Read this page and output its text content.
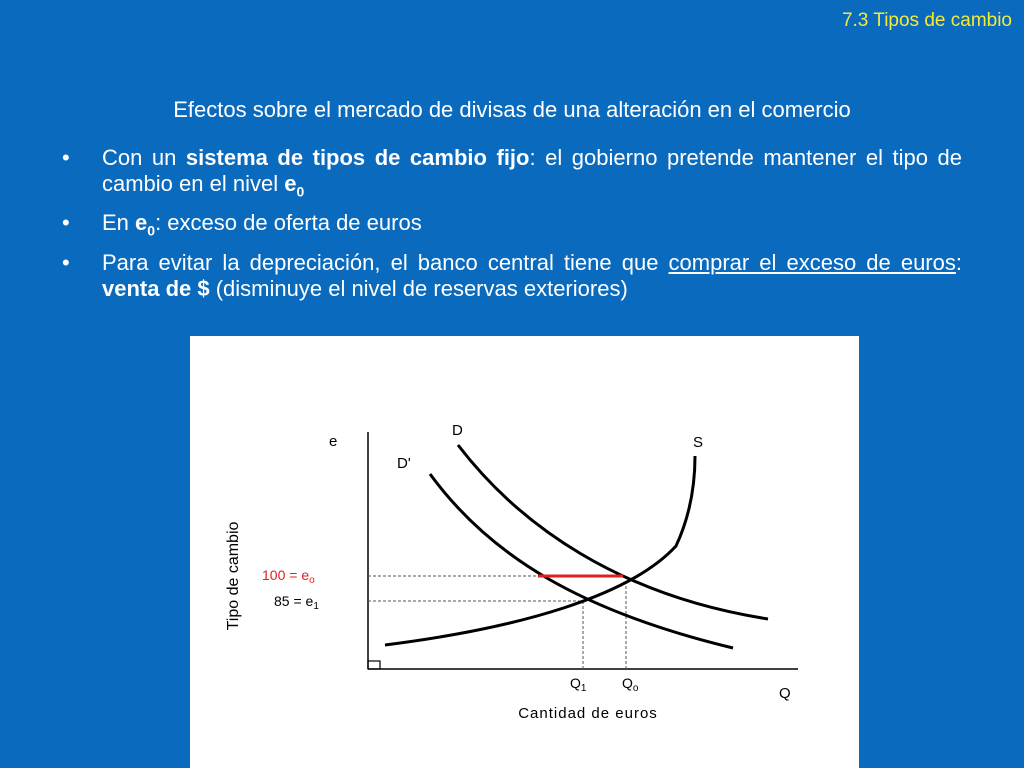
7.3 Tipos de cambio
Efectos sobre el mercado de divisas de una alteración en el comercio
• Con un sistema de tipos de cambio fijo: el gobierno pretende mantener el tipo de cambio en el nivel $e_0$
• En $e_0$: exceso de oferta de euros
• Para evitar la depreciación, el banco central tiene que comprar el exceso de euros: venta de $ (disminuye el nivel de reservas exteriores)
e
Q
Tipo de cambio
Cantidad de euros
D
D'
S
$100 = e_o$
$85 = e_1$
$Q_1$	$Q_o$
